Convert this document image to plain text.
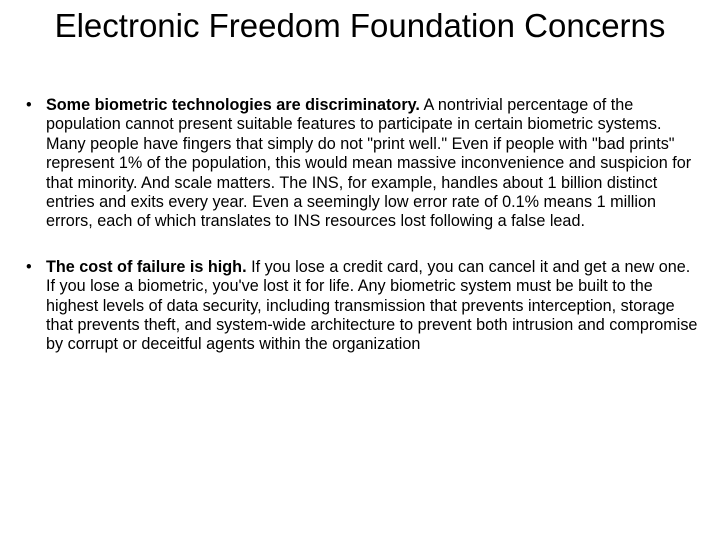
Electronic Freedom Foundation Concerns
• Some biometric technologies are discriminatory. A nontrivial percentage of the population cannot present suitable features to participate in certain biometric systems. Many people have fingers that simply do not "print well." Even if people with "bad prints" represent 1% of the population, this would mean massive inconvenience and suspicion for that minority. And scale matters. The INS, for example, handles about 1 billion distinct entries and exits every year. Even a seemingly low error rate of 0.1% means 1 million errors, each of which translates to INS resources lost following a false lead.
• The cost of failure is high. If you lose a credit card, you can cancel it and get a new one. If you lose a biometric, you've lost it for life. Any biometric system must be built to the highest levels of data security, including transmission that prevents interception, storage that prevents theft, and system-wide architecture to prevent both intrusion and compromise by corrupt or deceitful agents within the organization
